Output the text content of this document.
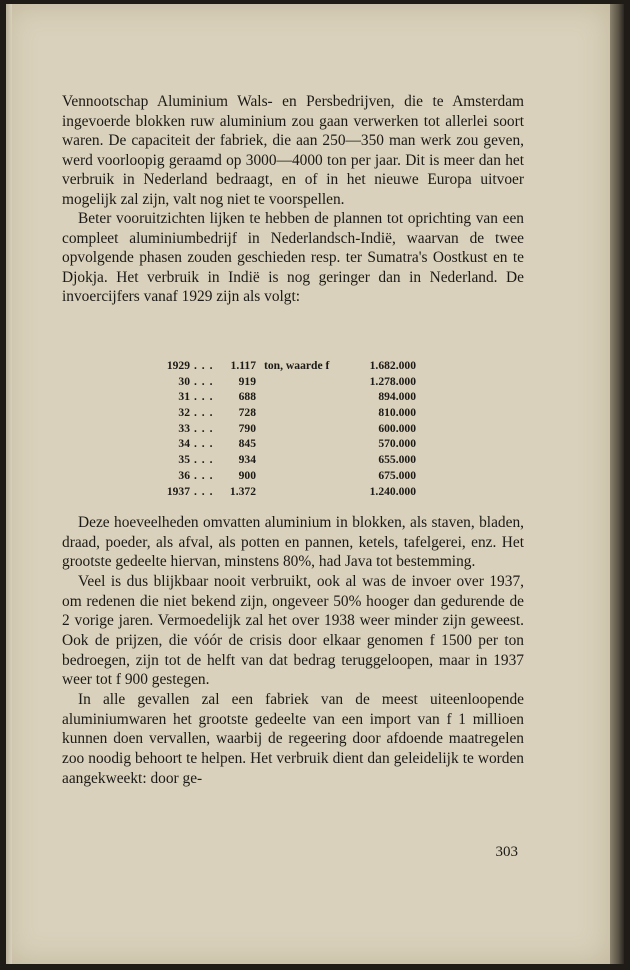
Vennootschap Aluminium Wals- en Persbedrijven, die te Amsterdam ingevoerde blokken ruw aluminium zou gaan verwerken tot allerlei soort waren. De capaciteit der fabriek, die aan 250—350 man werk zou geven, werd voorloopig geraamd op 3000—4000 ton per jaar. Dit is meer dan het verbruik in Nederland bedraagt, en of in het nieuwe Europa uitvoer mogelijk zal zijn, valt nog niet te voorspellen.

Beter vooruitzichten lijken te hebben de plannen tot oprichting van een compleet aluminiumbedrijf in Nederlandsch-Indië, waarvan de twee opvolgende phasen zouden geschieden resp. ter Sumatra's Oostkust en te Djokja. Het verbruik in Indië is nog geringer dan in Nederland. De invoercijfers vanaf 1929 zijn als volgt:

1929 . . .	1.117 ton, waarde f	1.682.000
30 . . .	919	1.278.000
31 . . .	688	894.000
32 . . .	728	810.000
33 . . .	790	600.000
34 . . .	845	570.000
35 . . .	934	655.000
36 . . .	900	675.000
1937 . . .	1.372	1.240.000

Deze hoeveelheden omvatten aluminium in blokken, als staven, bladen, draad, poeder, als afval, als potten en pannen, ketels, tafelgerei, enz. Het grootste gedeelte hiervan, minstens 80%, had Java tot bestemming.

Veel is dus blijkbaar nooit verbruikt, ook al was de invoer over 1937, om redenen die niet bekend zijn, ongeveer 50% hooger dan gedurende de 2 vorige jaren. Vermoedelijk zal het over 1938 weer minder zijn geweest. Ook de prijzen, die vóór de crisis door elkaar genomen f 1500 per ton bedroegen, zijn tot de helft van dat bedrag teruggeloopen, maar in 1937 weer tot f 900 gestegen.

In alle gevallen zal een fabriek van de meest uiteenloopende aluminiumwaren het grootste gedeelte van een import van f 1 millioen kunnen doen vervallen, waarbij de regeering door afdoende maatregelen zoo noodig behoort te helpen. Het verbruik dient dan geleidelijk te worden aangekweekt: door ge-

303
